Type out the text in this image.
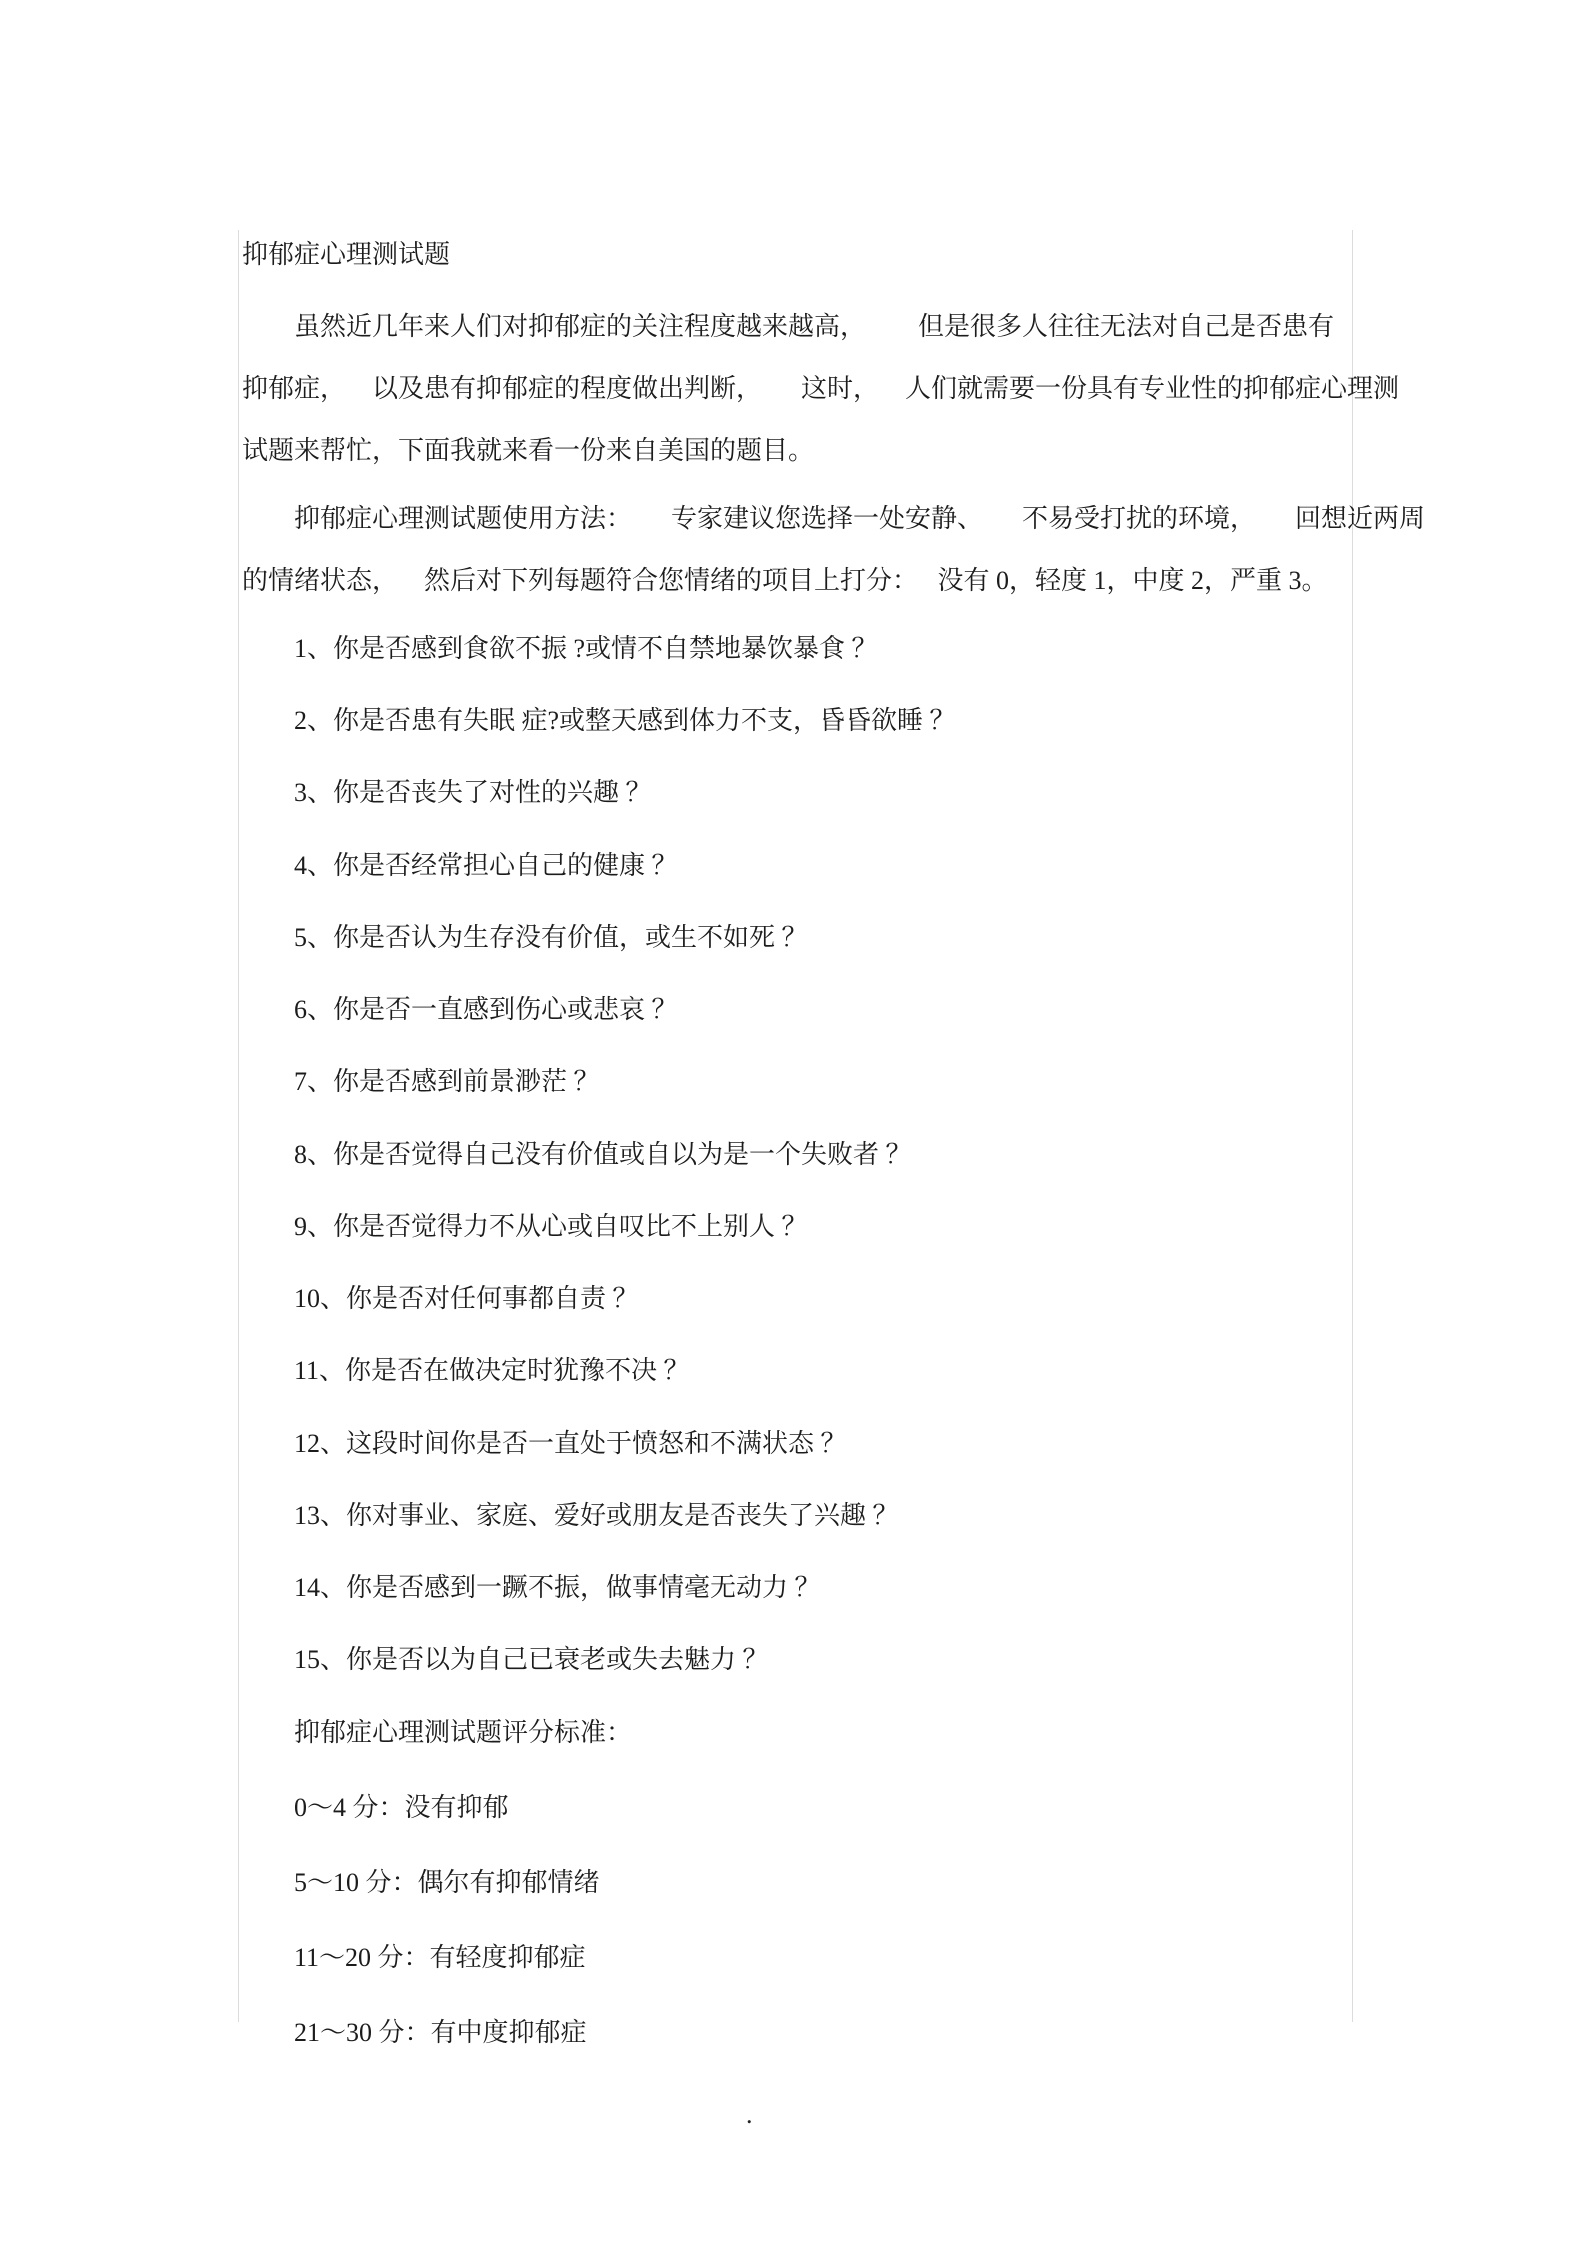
抑郁症心理测试题
虽然近几年来人们对抑郁症的关注程度越来越高，        但是很多人往往无法对自己是否患有
抑郁症，    以及患有抑郁症的程度做出判断，      这时，    人们就需要一份具有专业性的抑郁症心理测
试题来帮忙，下面我就来看一份来自美国的题目。
抑郁症心理测试题使用方法：      专家建议您选择一处安静、      不易受打扰的环境，      回想近两周
的情绪状态，    然后对下列每题符合您情绪的项目上打分：   没有 0，轻度 1，中度 2，严重 3。
1、你是否感到食欲不振 ?或情不自禁地暴饮暴食 ？
2、你是否患有失眠 症?或整天感到体力不支，昏昏欲睡 ？
3、你是否丧失了对性的兴趣 ？
4、你是否经常担心自己的健康 ？
5、你是否认为生存没有价值，或生不如死 ？
6、你是否一直感到伤心或悲哀 ？
7、你是否感到前景渺茫 ？
8、你是否觉得自己没有价值或自以为是一个失败者 ？
9、你是否觉得力不从心或自叹比不上别人 ？
10、你是否对任何事都自责 ？
11、你是否在做决定时犹豫不决 ？
12、这段时间你是否一直处于愤怒和不满状态 ？
13、你对事业、家庭、爱好或朋友是否丧失了兴趣 ？
14、你是否感到一蹶不振，做事情毫无动力 ？
15、你是否以为自己已衰老或失去魅力 ？
抑郁症心理测试题评分标准：
0～4 分：没有抑郁
5～10 分：偶尔有抑郁情绪
11～20 分：有轻度抑郁症
21～30 分：有中度抑郁症
.
